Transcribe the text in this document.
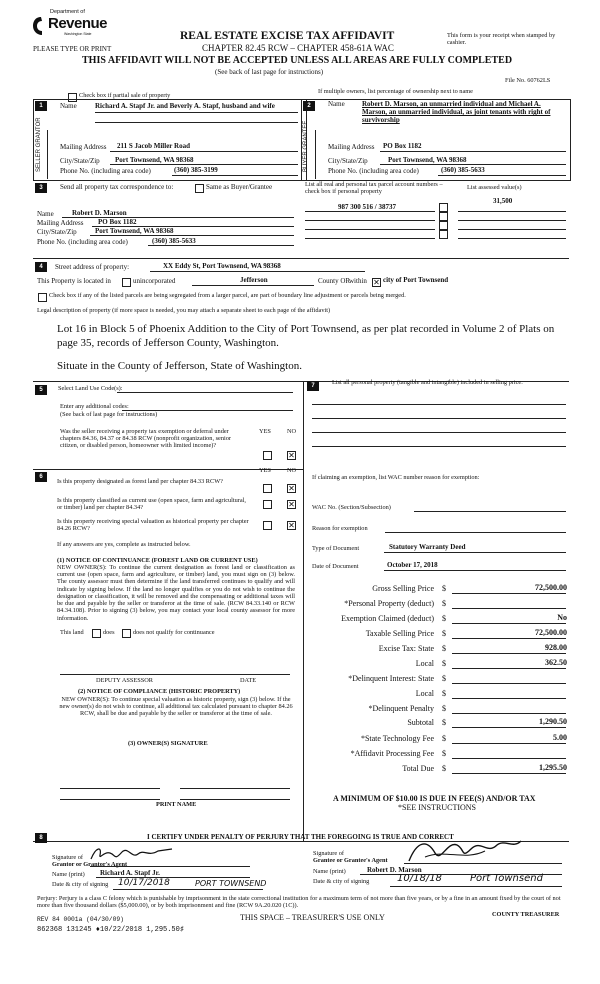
Department of
Revenue
Washington State
PLEASE TYPE OR PRINT
REAL ESTATE EXCISE TAX AFFIDAVIT
CHAPTER 82.45 RCW – CHAPTER 458-61A WAC
THIS AFFIDAVIT WILL NOT BE ACCEPTED UNLESS ALL AREAS ARE FULLY COMPLETED
(See back of last page for instructions)
This form is your receipt when stamped by cashier.
File No. 60762LS
Check box if partial sale of property
If multiple owners, list percentage of ownership next to name
1	Name	Richard A. Stapf Jr. and Beverly A. Stapf, husband and wife
SELLER GRANTOR	Mailing Address 211 S Jacob Miller Road
City/State/Zip Port Townsend, WA 98368
Phone No. (including area code)	(360) 385-3199
2	Name Robert D. Marson, an unmarried individual and Michael A. Marson, an unmarried individual, as joint tenants with right of survivorship
BUYER GRANTEE	Mailing Address PO Box 1182
City/State/Zip	Port Townsend, WA 98368
Phone No. (including area code)	(360) 385-5633
3	Send all property tax correspondence to:	Same as Buyer/Grantee
Name	Robert D. Marson
Mailing Address PO Box 1182
City/State/Zip	Port Townsend, WA 98368
Phone No. (including area code)	(360) 385-5633
List all real and personal tax parcel account numbers – check box if personal property
List assessed value(s)
987 300 516 / 38737
31,500
4	Street address of property:	XX Eddy St, Port Townsend, WA 98368
This Property is located in	unincorporated	Jefferson	County OR
within ✕ city of Port Townsend
Check box if any of the listed parcels are being segregated from a larger parcel, are part of boundary line adjustment or parcels being merged.
Legal description of property (if more space is needed, you may attach a separate sheet to each page of the affidavit)
Lot 16 in Block 5 of Phoenix Addition to the City of Port Townsend, as per plat recorded in Volume 2 of Plats on page 35, records of Jefferson County, Washington.
Situate in the County of Jefferson, State of Washington.
5	Select Land Use Code(s):
Enter any additional codes:
(See back of last page for instructions)
YES	NO
Was the seller receiving a property tax exemption or deferral under chapters 84.36, 84.37 or 84.38 RCW (nonprofit organization, senior citizen, or disabled person, homeowner with limited income)?
✕
7	List all personal property (tangible and intangible) included in selling price.
6
YES	NO
Is this property designated as forest land per chapter 84.33 RCW?
✕
Is this property classified as current use (open space, farm and agricultural, or timber) land per chapter 84.34?	✕
Is this property receiving special valuation as historical property per chapter 84.26 RCW?	✕
If any answers are yes, complete as instructed below.
(1) NOTICE OF CONTINUANCE (FOREST LAND OR CURRENT USE)
NEW OWNER(S): To continue the current designation as forest land or classification as current use (open space, farm and agriculture, or timber) land, you must sign on (3) below. The county assessor must then determine if the land transferred continues to qualify and will indicate by signing below. If the land no longer qualifies or you do not wish to continue the designation or classification, it will be removed and the compensating or additional taxes will be due and payable by the seller or transferor at the time of sale. (RCW 84.33.140 or RCW 84.34.108). Prior to signing (3) below, you may contact your local county assessor for more information.
This land	does	does not qualify for continuance
DEPUTY ASSESSOR	DATE
(2) NOTICE OF COMPLIANCE (HISTORIC PROPERTY)
NEW OWNER(S): To continue special valuation as historic property, sign (3) below. If the new owner(s) do not wish to continue, all additional tax calculated pursuant to chapter 84.26 RCW, shall be due and payable by the seller or transferor at the time of sale.
(3) OWNER(S) SIGNATURE
PRINT NAME
If claiming an exemption, list WAC number reason for exemption:
WAC No. (Section/Subsection)
Reason for exemption
Type of Document	Statutory Warranty Deed
Date of Document	October 17, 2018
Gross Selling Price $	72,500.00
*Personal Property (deduct) $
Exemption Claimed (deduct) $	No
Taxable Selling Price $	72,500.00
Excise Tax: State $	928.00
Local $	362.50
*Delinquent Interest: State $
Local $
*Delinquent Penalty $
Subtotal $	1,290.50
*State Technology Fee $	5.00
*Affidavit Processing Fee $
Total Due $	1,295.50
A MINIMUM OF $10.00 IS DUE IN FEE(S) AND/OR TAX
*SEE INSTRUCTIONS
8	I CERTIFY UNDER PENALTY OF PERJURY THAT THE FOREGOING IS TRUE AND CORRECT
Signature of
Grantor or Grantor's Agent
Name (print) Richard A. Stapf Jr.
Date & city of signing 10/17/2018	PORT TOWNSEND
Signature of
Grantee or Grantee's Agent
Name (print)	Robert D. Marson
Date & city of signing	10/18/18	Port Townsend
Perjury: Perjury is a class C felony which is punishable by imprisonment in the state correctional institution for a maximum term of not more than five years, or by a fine in an amount fixed by the court of not more than five thousand dollars ($5,000.00), or by both imprisonment and fine (RCW 9A.20.020 (1C)).
REV 84 0001a (04/30/09)	THIS SPACE – TREASURER'S USE ONLY	COUNTY TREASURER
862368 131245 ♦10/22/2018 1,295.50♯
